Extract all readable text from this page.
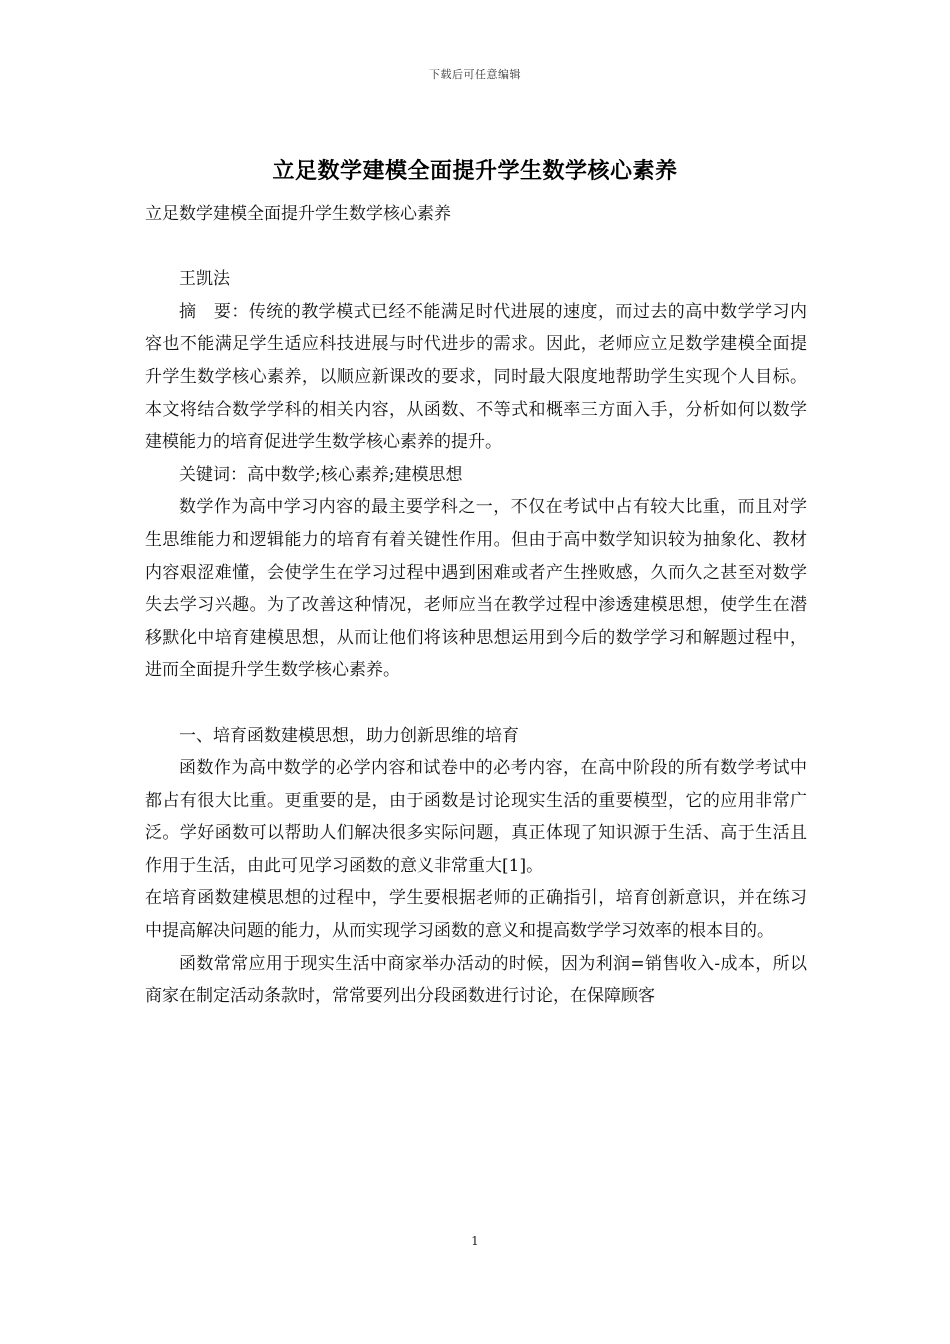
下载后可任意编辑
立足数学建模全面提升学生数学核心素养

立足数学建模全面提升学生数学核心素养

王凯法

摘　要：传统的教学模式已经不能满足时代进展的速度，而过去的高中数学学习内容也不能满足学生适应科技进展与时代进步的需求。因此，老师应立足数学建模全面提升学生数学核心素养，以顺应新课改的要求，同时最大限度地帮助学生实现个人目标。本文将结合数学学科的相关内容，从函数、不等式和概率三方面入手，分析如何以数学建模能力的培育促进学生数学核心素养的提升。

关键词：高中数学;核心素养;建模思想

数学作为高中学习内容的最主要学科之一，不仅在考试中占有较大比重，而且对学生思维能力和逻辑能力的培育有着关键性作用。但由于高中数学知识较为抽象化、教材内容艰涩难懂，会使学生在学习过程中遇到困难或者产生挫败感，久而久之甚至对数学失去学习兴趣。为了改善这种情况，老师应当在教学过程中渗透建模思想，使学生在潜移默化中培育建模思想，从而让他们将该种思想运用到今后的数学学习和解题过程中，进而全面提升学生数学核心素养。

一、培育函数建模思想，助力创新思维的培育

函数作为高中数学的必学内容和试卷中的必考内容，在高中阶段的所有数学考试中都占有很大比重。更重要的是，由于函数是讨论现实生活的重要模型，它的应用非常广泛。学好函数可以帮助人们解决很多实际问题，真正体现了知识源于生活、高于生活且作用于生活，由此可见学习函数的意义非常重大[1]。

在培育函数建模思想的过程中，学生要根据老师的正确指引，培育创新意识，并在练习中提高解决问题的能力，从而实现学习函数的意义和提高数学学习效率的根本目的。

函数常常应用于现实生活中商家举办活动的时候，因为利润=销售收入-成本，所以商家在制定活动条款时，常常要列出分段函数进行讨论，在保障顾客

1
